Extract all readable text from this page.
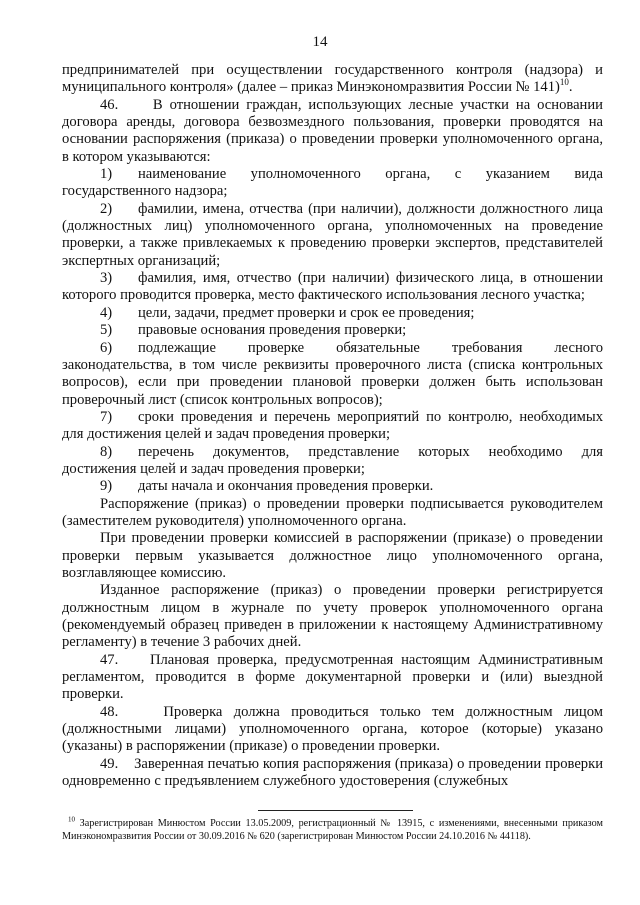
14

предпринимателей при осуществлении государственного контроля (надзора) и муниципального контроля» (далее – приказ Минэкономразвития России № 141)$^{10}$.

46.     В отношении граждан, использующих лесные участки на основании договора аренды, договора безвозмездного пользования, проверки проводятся на основании распоряжения (приказа) о проведении проверки уполномоченного органа, в котором указываются:

1) наименование уполномоченного органа, с указанием вида государственного надзора;

2) фамилии, имена, отчества (при наличии), должности должностного лица (должностных лиц) уполномоченного органа, уполномоченных на проведение проверки, а также привлекаемых к проведению проверки экспертов, представителей экспертных организаций;

3) фамилия, имя, отчество (при наличии) физического лица, в отношении которого проводится проверка, место фактического использования лесного участка;

4) цели, задачи, предмет проверки и срок ее проведения;

5) правовые основания проведения проверки;

6) подлежащие проверке обязательные требования лесного законодательства, в том числе реквизиты проверочного листа (списка контрольных вопросов), если при проведении плановой проверки должен быть использован проверочный лист (список контрольных вопросов);

7) сроки проведения и перечень мероприятий по контролю, необходимых для достижения целей и задач проведения проверки;

8) перечень документов, представление которых необходимо для достижения целей и задач проведения проверки;

9) даты начала и окончания проведения проверки.

Распоряжение (приказ) о проведении проверки подписывается руководителем (заместителем руководителя) уполномоченного органа.

При проведении проверки комиссией в распоряжении (приказе) о проведении проверки первым указывается должностное лицо уполномоченного органа, возглавляющее комиссию.

Изданное распоряжение (приказ) о проведении проверки регистрируется должностным лицом в журнале по учету проверок уполномоченного органа (рекомендуемый образец приведен в приложении к настоящему Административному регламенту) в течение 3 рабочих дней.

47.    Плановая проверка, предусмотренная настоящим Административным регламентом, проводится в форме документарной проверки и (или) выездной проверки.

48.    Проверка должна проводиться только тем должностным лицом (должностными лицами) уполномоченного органа, которое (которые) указано (указаны) в распоряжении (приказе) о проведении проверки.

49.    Заверенная печатью копия распоряжения (приказа) о проведении проверки одновременно с предъявлением служебного удостоверения (служебных

$^{10}$ Зарегистрирован Минюстом России 13.05.2009, регистрационный № 13915, с изменениями, внесенными приказом Минэкономразвития России от 30.09.2016 № 620 (зарегистрирован Минюстом России 24.10.2016 № 44118).
